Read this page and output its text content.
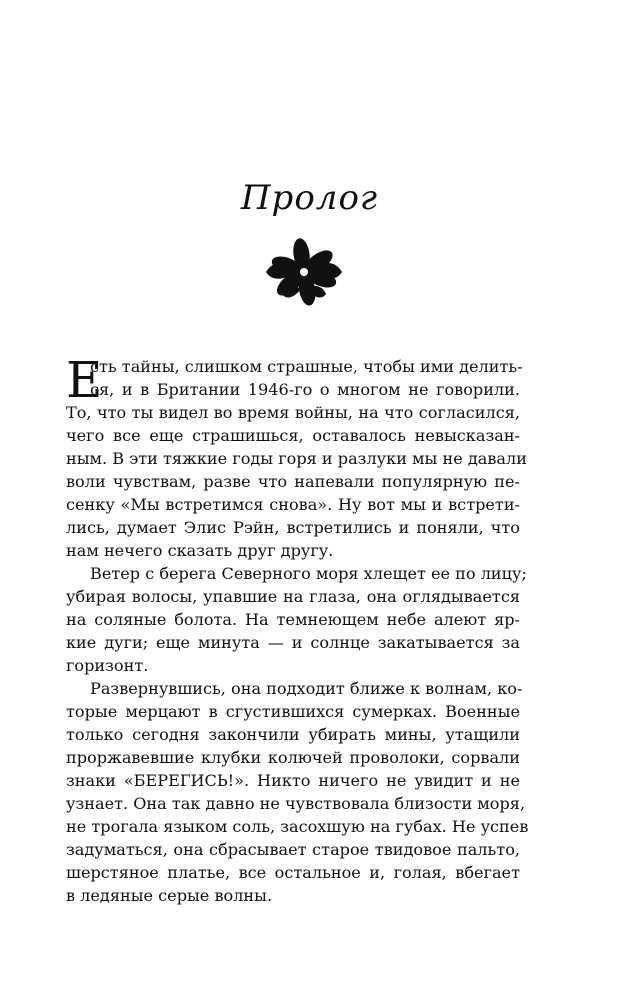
Пролог
Е
сть тайны, слишком страшные, чтобы ими делить-
ся, и в Британии 1946-го о многом не говорили.
То, что ты видел во время войны, на что согласился,
чего все еще страшишься, оставалось невысказан-
ным. В эти тяжкие годы горя и разлуки мы не давали
воли чувствам, разве что напевали популярную пе-
сенку «Мы встретимся снова». Ну вот мы и встрети-
лись, думает Элис Рэйн, встретились и поняли, что
нам нечего сказать друг другу.
Ветер с берега Северного моря хлещет ее по лицу;
убирая волосы, упавшие на глаза, она оглядывается
на соляные болота. На темнеющем небе алеют яр-
кие дуги; еще минута — и солнце закатывается за
горизонт.
Развернувшись, она подходит ближе к волнам, ко-
торые мерцают в сгустившихся сумерках. Военные
только сегодня закончили убирать мины, утащили
проржавевшие клубки колючей проволоки, сорвали
знаки «БЕРЕГИСЬ!». Никто ничего не увидит и не
узнает. Она так давно не чувствовала близости моря,
не трогала языком соль, засохшую на губах. Не успев
задуматься, она сбрасывает старое твидовое пальто,
шерстяное платье, все остальное и, голая, вбегает
в ледяные серые волны.
